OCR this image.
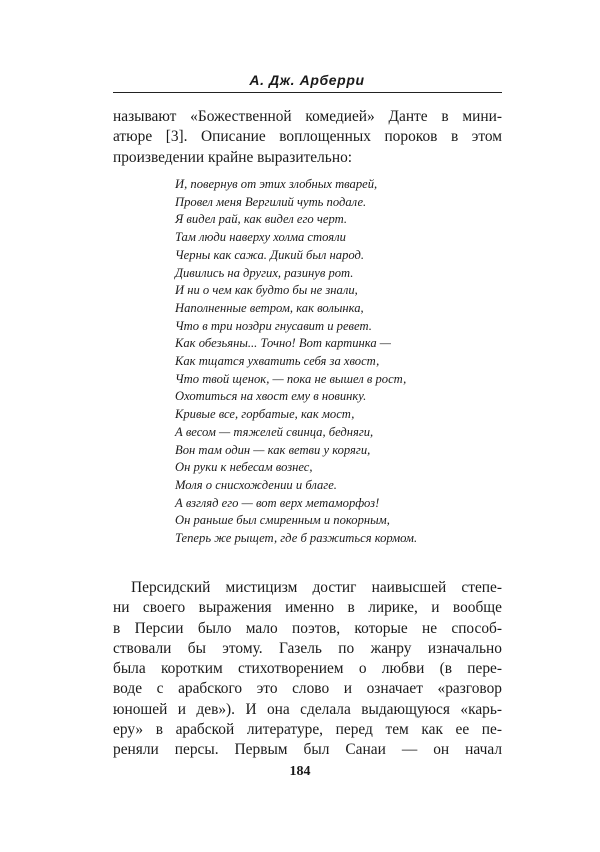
А. Дж. Арберри
называют «Божественной комедией» Данте в мини-
атюре [3]. Описание воплощенных пороков в этом
произведении крайне выразительно:
И, повернув от этих злобных тварей,
Провел меня Вергилий чуть подале.
Я видел рай, как видел его черт.
Там люди наверху холма стояли
Черны как сажа. Дикий был народ.
Дивились на других, разинув рот.
И ни о чем как будто бы не знали,
Наполненные ветром, как волынка,
Что в три ноздри гнусавит и ревет.
Как обезьяны... Точно! Вот картинка —
Как тщатся ухватить себя за хвост,
Что твой щенок, — пока не вышел в рост,
Охотиться на хвост ему в новинку.
Кривые все, горбатые, как мост,
А весом — тяжелей свинца, бедняги,
Вон там один — как ветви у коряги,
Он руки к небесам вознес,
Моля о снисхождении и благе.
А взгляд его — вот верх метаморфоз!
Он раньше был смиренным и покорным,
Теперь же рыщет, где б разжиться кормом.
Персидский мистицизм достиг наивысшей степе-
ни своего выражения именно в лирике, и вообще
в Персии было мало поэтов, которые не способ-
ствовали бы этому. Газель по жанру изначально
была коротким стихотворением о любви (в пере-
воде с арабского это слово и означает «разговор
юношей и дев»). И она сделала выдающуюся «карь-
еру» в арабской литературе, перед тем как ее пе-
реняли персы. Первым был Санаи — он начал
184
